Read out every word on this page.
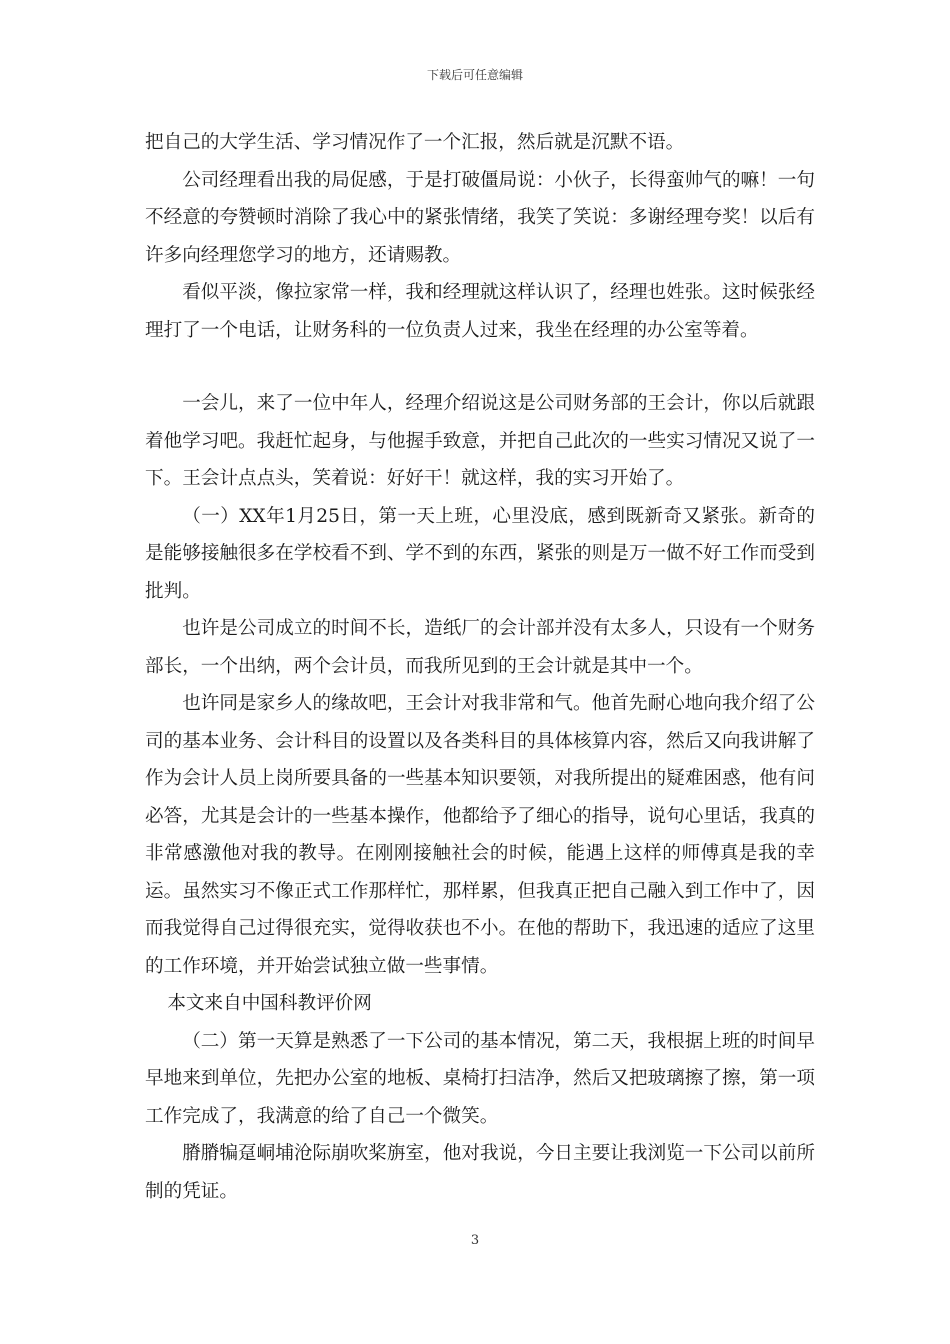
下载后可任意编辑

把自己的大学生活、学习情况作了一个汇报，然后就是沉默不语。

公司经理看出我的局促感，于是打破僵局说：小伙子，长得蛮帅气的嘛！一句不经意的夸赞顿时消除了我心中的紧张情绪，我笑了笑说：多谢经理夸奖！以后有许多向经理您学习的地方，还请赐教。

看似平淡，像拉家常一样，我和经理就这样认识了，经理也姓张。这时候张经理打了一个电话，让财务科的一位负责人过来，我坐在经理的办公室等着。

一会儿，来了一位中年人，经理介绍说这是公司财务部的王会计，你以后就跟着他学习吧。我赶忙起身，与他握手致意，并把自己此次的一些实习情况又说了一下。王会计点点头，笑着说：好好干！就这样，我的实习开始了。

（一）XX年1月25日，第一天上班，心里没底，感到既新奇又紧张。新奇的是能够接触很多在学校看不到、学不到的东西，紧张的则是万一做不好工作而受到批判。

也许是公司成立的时间不长，造纸厂的会计部并没有太多人，只设有一个财务部长，一个出纳，两个会计员，而我所见到的王会计就是其中一个。

也许同是家乡人的缘故吧，王会计对我非常和气。他首先耐心地向我介绍了公司的基本业务、会计科目的设置以及各类科目的具体核算内容，然后又向我讲解了作为会计人员上岗所要具备的一些基本知识要领，对我所提出的疑难困惑，他有问必答，尤其是会计的一些基本操作，他都给予了细心的指导，说句心里话，我真的非常感激他对我的教导。在刚刚接触社会的时候，能遇上这样的师傅真是我的幸运。虽然实习不像正式工作那样忙，那样累，但我真正把自己融入到工作中了，因而我觉得自己过得很充实，觉得收获也不小。在他的帮助下，我迅速的适应了这里的工作环境，并开始尝试独立做一些事情。

本文来自中国科教评价网

（二）第一天算是熟悉了一下公司的基本情况，第二天，我根据上班的时间早早地来到单位，先把办公室的地板、桌椅打扫洁净，然后又把玻璃擦了擦，第一项工作完成了，我满意的给了自己一个微笑。

膌膌犏趸峒埔沧际崩吹桨旃室，他对我说，今日主要让我浏览一下公司以前所制的凭证。

3
